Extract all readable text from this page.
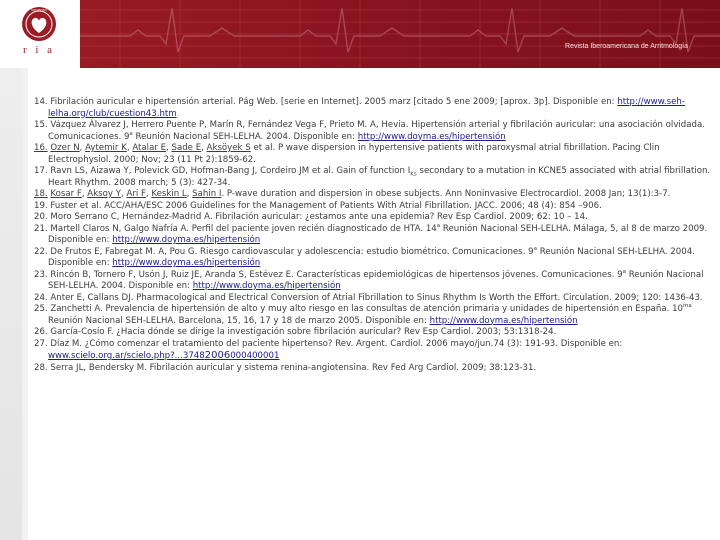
SOCIEDAD
r i a	Revista Iberoamericana de Arritmología

14. Fibrilación auricular e hipertensión arterial. Pág Web. [serie en Internet]. 2005 marz [citado 5 ene 2009; [aprox. 3p]. Disponible en: http://www.seh-lelha.org/club/cuestion43.htm

15. Vázquez Álvarez J, Herrero Puente P, Marín R, Fernández Vega F, Prieto M. A, Hevia. Hipertensión arterial y fibrilación auricular: una asociación olvidada. Comunicaciones. 9$^a$ Reunión Nacional SEH-LELHA. 2004. Disponible en: http://www.doyma.es/hipertensión

16. Ozer N, Aytemir K, Atalar E, Sade E, Aksöyek S et al. P wave dispersion in hypertensive patients with paroxysmal atrial fibrillation. Pacing Clin Electrophysiol. 2000; Nov; 23 (11 Pt 2):1859-62.

17. Ravn LS, Aizawa Y, Polevick GD, Hofman-Bang J, Cordeiro JM et al. Gain of function $I_{Ks}$ secondary to a mutation in KCNE5 associated with atrial fibrillation. Heart Rhythm. 2008 march; 5 (3): 427-34.

18. Kosar F, Aksoy Y, Ari F, Keskin L, Sahin I. P-wave duration and dispersion in obese subjects. Ann Noninvasive Electrocardiol. 2008 Jan; 13(1):3-7.

19. Fuster et al. ACC/AHA/ESC 2006 Guidelines for the Management of Patients With Atrial Fibrillation. JACC. 2006; 48 (4): 854 –906.

20. Moro Serrano C, Hernández-Madrid A. Fibrilación auricular: ¿estamos ante una epidemia? Rev Esp Cardiol. 2009; 62: 10 – 14.

21. Martell Claros N, Galgo Nafría A. Perfil del paciente joven recién diagnosticado de HTA. 14$^a$ Reunión Nacional SEH-LELHA. Málaga, 5, al 8 de marzo 2009. Disponible en: http://www.doyma.es/hipertensión

22. De Frutos E, Fabregat M. A, Pou G. Riesgo cardiovascular y adolescencia: estudio biométrico. Comunicaciones. 9$^a$ Reunión Nacional SEH-LELHA. 2004. Disponible en: http://www.doyma.es/hipertensión

23. Rincón B, Tornero F, Usón J, Ruiz JE, Aranda S, Estévez E. Características epidemiológicas de hipertensos jóvenes. Comunicaciones. 9$^a$ Reunión Nacional SEH-LELHA. 2004. Disponible en: http://www.doyma.es/hipertensión

24. Anter E, Callans DJ. Pharmacological and Electrical Conversion of Atrial Fibrillation to Sinus Rhythm Is Worth the Effort. Circulation. 2009; 120: 1436-43.

25. Zanchetti A. Prevalencia de hipertensión de alto y muy alto riesgo en las consultas de atención primaria y unidades de hipertensión en España. $10^{ma}$ Reunión Nacional SEH-LELHA. Barcelona, 15, 16, 17 y 18 de marzo 2005. Disponible en: http://www.doyma.es/hipertensión

26. García-Cosío F. ¿Hacia dónde se dirige la investigación sobre fibrilación auricular? Rev Esp Cardiol. 2003; 53:1318-24.

27. Díaz M. ¿Cómo comenzar el tratamiento del paciente hipertenso? Rev. Argent. Cardiol. 2006 mayo/jun.74 (3): 191-93. Disponible en: www.scielo.org.ar/scielo.php?...37482006000400001

28. Serra JL, Bendersky M. Fibrilación auricular y sistema renina-angiotensina. Rev Fed Arg Cardiol. 2009; 38:123-31.
